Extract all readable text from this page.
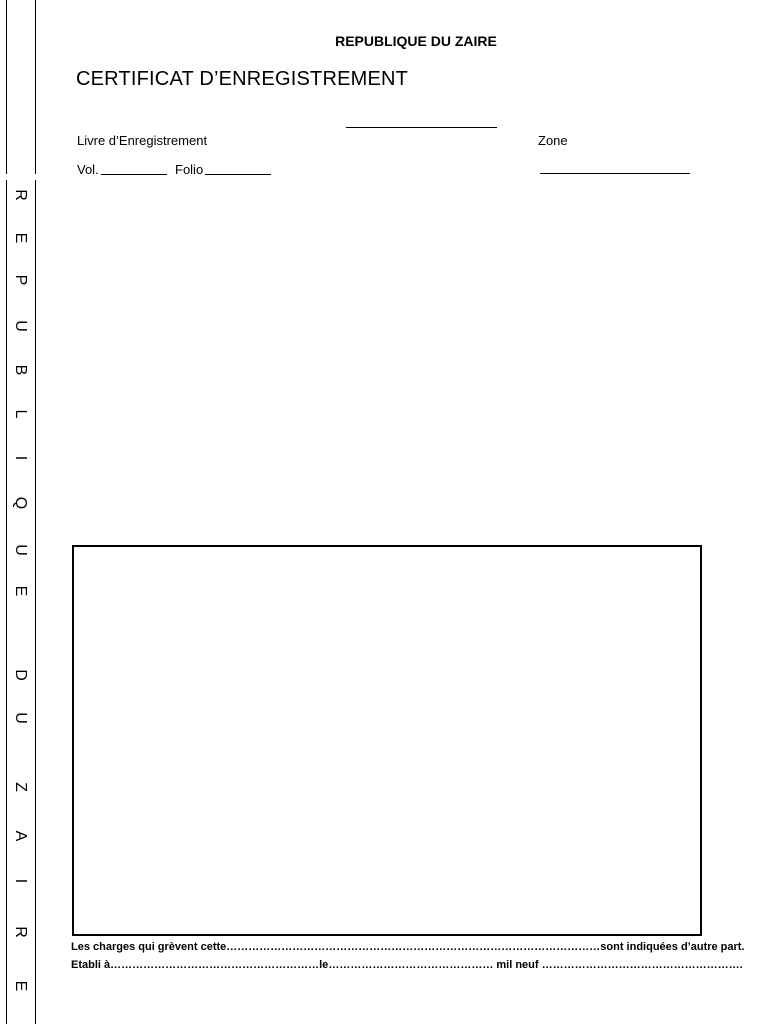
R
E
P
U
B
L
I
Q
U
E
D
U
Z
A
I
R
E
REPUBLIQUE DU ZAIRE
CERTIFICAT D’ENREGISTREMENT
Livre d’Enregistrement	Zone
Vol.	Folio
Les charges qui grèvent cette…………………………………………………………………………………………sont indiquées d’autre part.
Etabli à…………………………………………………le……………………………………… mil neuf ……………………………………………….
